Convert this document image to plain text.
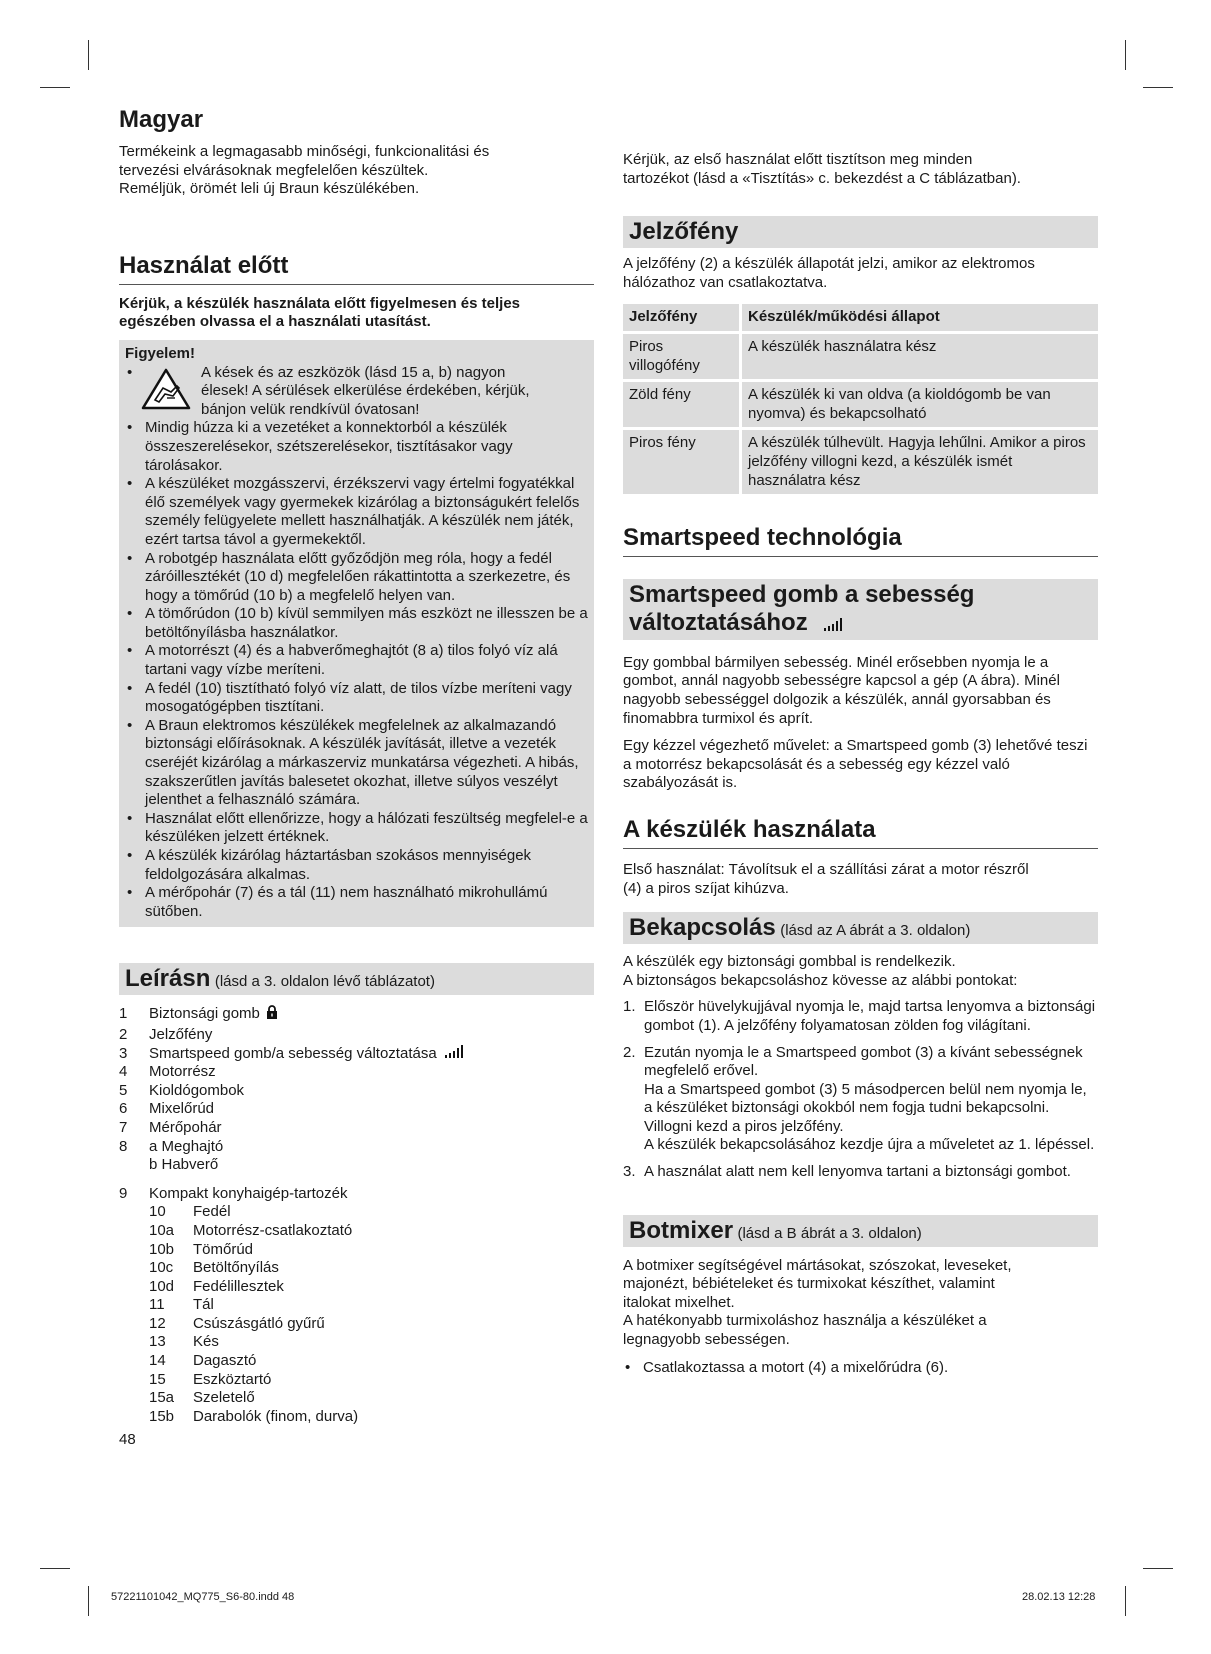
Magyar

Termékeink a legmagasabb minőségi, funkcionalitási és

tervezési elvárásoknak megfelelően készültek.

Reméljük, örömét leli új Braun készülékében.

Használat előtt

Kérjük, a készülék használata előtt figyelmesen és teljes egészében olvassa el a használati utasítást.

Figyelem!

•	A kések és az eszközök (lásd 15 a, b) nagyon

élesek! A sérülések elkerülése érdekében, kérjük,

bánjon velük rendkívül óvatosan!

• Mindig húzza ki a vezetéket a konnektorból a készülék összeszerelésekor, szétszerelésekor, tisztításakor vagy tárolásakor.
• A készüléket mozgásszervi, érzékszervi vagy értelmi fogyatékkal élő személyek vagy gyermekek kizárólag a biztonságukért felelős személy felügyelete mellett használhatják. A készülék nem játék, ezért tartsa távol a gyermekektől.
• A robotgép használata előtt győződjön meg róla, hogy a fedél záróillesztékét (10 d) megfelelően rákattintotta a szerkezetre, és hogy a tömőrúd (10 b) a megfelelő helyen van.
• A tömőrúdon (10 b) kívül semmilyen más eszközt ne illesszen be a betöltőnyílásba használatkor.
• A motorrészt (4) és a habverőmeghajtót (8 a) tilos folyó víz alá tartani vagy vízbe meríteni.
• A fedél (10) tisztítható folyó víz alatt, de tilos vízbe meríteni vagy mosogatógépben tisztítani.
• A Braun elektromos készülékek megfelelnek az alkalmazandó biztonsági előírásoknak. A készülék javítását, illetve a vezeték cseréjét kizárólag a márkaszerviz munkatársa végezheti. A hibás, szakszerűtlen javítás balesetet okozhat, illetve súlyos veszélyt jelenthet a felhasználó számára.
• Használat előtt ellenőrizze, hogy a hálózati feszültség megfelel-e a készüléken jelzett értéknek.
• A készülék kizárólag háztartásban szokásos mennyiségek feldolgozására alkalmas.
• A mérőpohár (7) és a tál (11) nem használható mikrohullámú sütőben.
Leírásn (lásd a 3. oldalon lévő táblázatot)
1	Biztonsági gomb
2	Jelzőfény
3	Smartspeed gomb/a sebesség változtatása
4	Motorrész
5	Kioldógombok
6	Mixelőrúd
7	Mérőpohár
8	a Meghajtó
b Habverő
9	Kompakt konyhaigép-tartozék
10	Fedél
10a	Motorrész-csatlakoztató
10b	Tömőrúd
10c	Betöltőnyílás
10d	Fedélillesztek
11	Tál
12	Csúszásgátló gyűrű
13	Kés
14	Dagasztó
15	Eszköztartó
15a	Szeletelő
15b	Darabolók (finom, durva)

48

Kérjük, az első használat előtt tisztítson meg minden

tartozékot (lásd a «Tisztítás» c. bekezdést a C táblázatban).

Jelzőfény

A jelzőfény (2) a készülék állapotát jelzi, amikor az elektromos

hálózathoz van csatlakoztatva.

Jelzőfény	Készülék/működési állapot
Piros villogófény	A készülék használatra kész
Zöld fény	A készülék ki van oldva (a kioldógomb be van nyomva) és bekapcsolható
Piros fény	A készülék túlhevült. Hagyja lehűlni. Amikor a piros jelzőfény villogni kezd, a készülék ismét használatra kész
Smartspeed technológia
Smartspeed gomb a sebesség
változtatásához

Egy gombbal bármilyen sebesség. Minél erősebben nyomja le a gombot, annál nagyobb sebességre kapcsol a gép (A ábra). Minél nagyobb sebességgel dolgozik a készülék, annál gyorsabban és finomabbra turmixol és aprít.

Egy kézzel végezhető művelet: a Smartspeed gomb (3) lehetővé teszi a motorrész bekapcsolását és a sebesség egy kézzel való szabályozását is.

A készülék használata

Első használat: Távolítsuk el a szállítási zárat a motor részről

(4) a piros szíjat kihúzva.

Bekapcsolás (lásd az A ábrát a 3. oldalon)

A készülék egy biztonsági gombbal is rendelkezik.

A biztonságos bekapcsoláshoz kövesse az alábbi pontokat:

1. Először hüvelykujjával nyomja le, majd tartsa lenyomva a biztonsági gombot (1). A jelzőfény folyamatosan zölden fog világítani.
2. Ezután nyomja le a Smartspeed gombot (3) a kívánt sebességnek megfelelő erővel.
Ha a Smartspeed gombot (3) 5 másodpercen belül nem nyomja le, a készüléket biztonsági okokból nem fogja tudni bekapcsolni.
Villogni kezd a piros jelzőfény.
A készülék bekapcsolásához kezdje újra a műveletet az 1. lépéssel.
3. A használat alatt nem kell lenyomva tartani a biztonsági gombot.
Botmixer (lásd a B ábrát a 3. oldalon)

A botmixer segítségével mártásokat, szószokat, leveseket,

majonézt, bébiételeket és turmixokat készíthet, valamint

italokat mixelhet.

A hatékonyabb turmixoláshoz használja a készüléket a

legnagyobb sebességen.

• Csatlakoztassa a motort (4) a mixelőrúdra (6).
57221101042_MQ775_S6-80.indd 48	28.02.13 12:28
